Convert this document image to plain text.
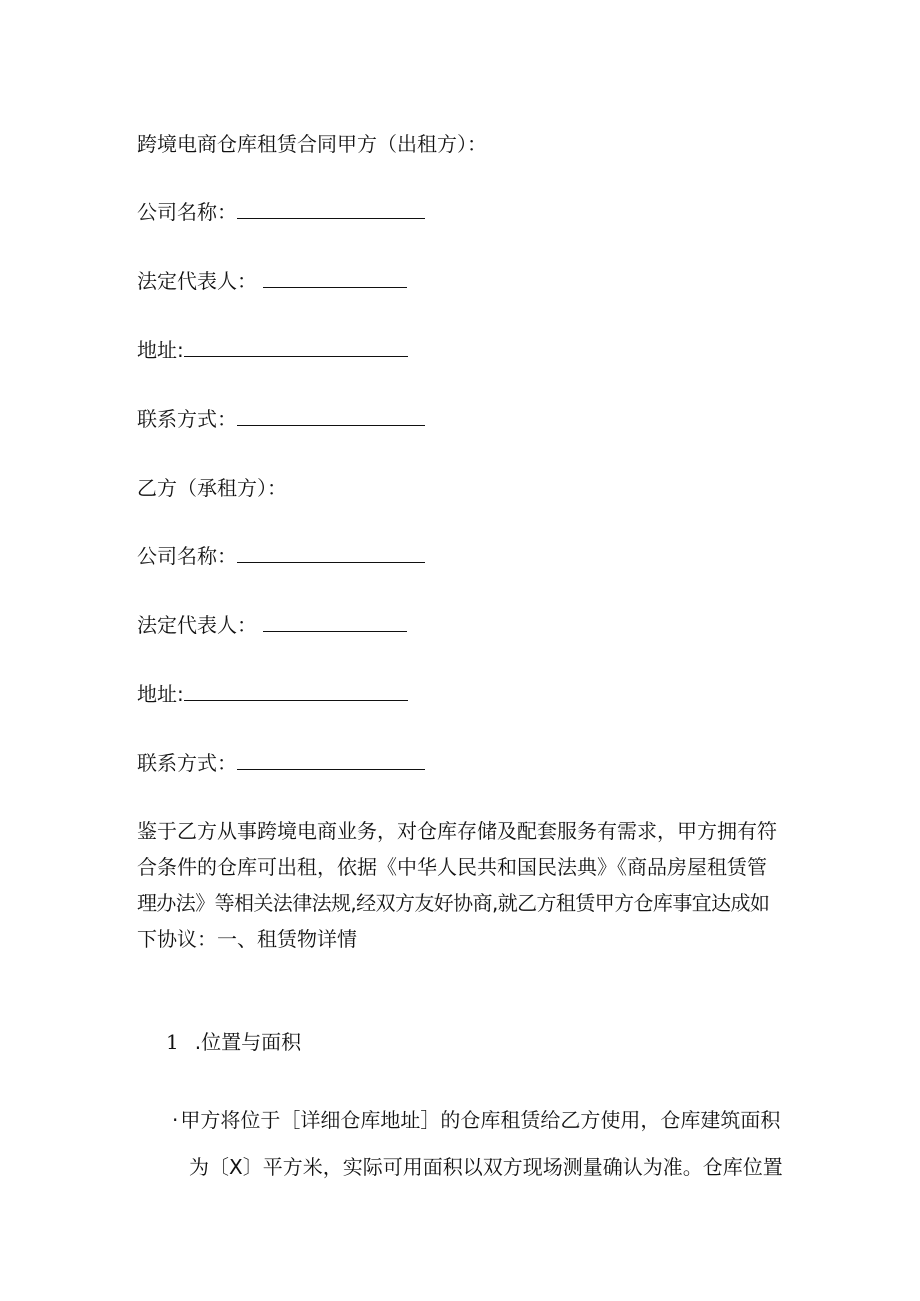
跨境电商仓库租赁合同甲方（出租方）：
公司名称：
法定代表人：
地址:
联系方式：
乙方（承租方）：
公司名称：
法定代表人：
地址:
联系方式：
鉴于乙方从事跨境电商业务，对仓库存储及配套服务有需求，甲方拥有符
合条件的仓库可出租，依据《中华人民共和国民法典》《商品房屋租赁管
理办法》等相关法律法规,经双方友好协商,就乙方租赁甲方仓库事宜达成如
下协议：一、租赁物详情
1 .位置与面积
· 甲方将位于［详细仓库地址］的仓库租赁给乙方使用，仓库建筑面积
为〔X〕平方米，实际可用面积以双方现场测量确认为准。仓库位置
